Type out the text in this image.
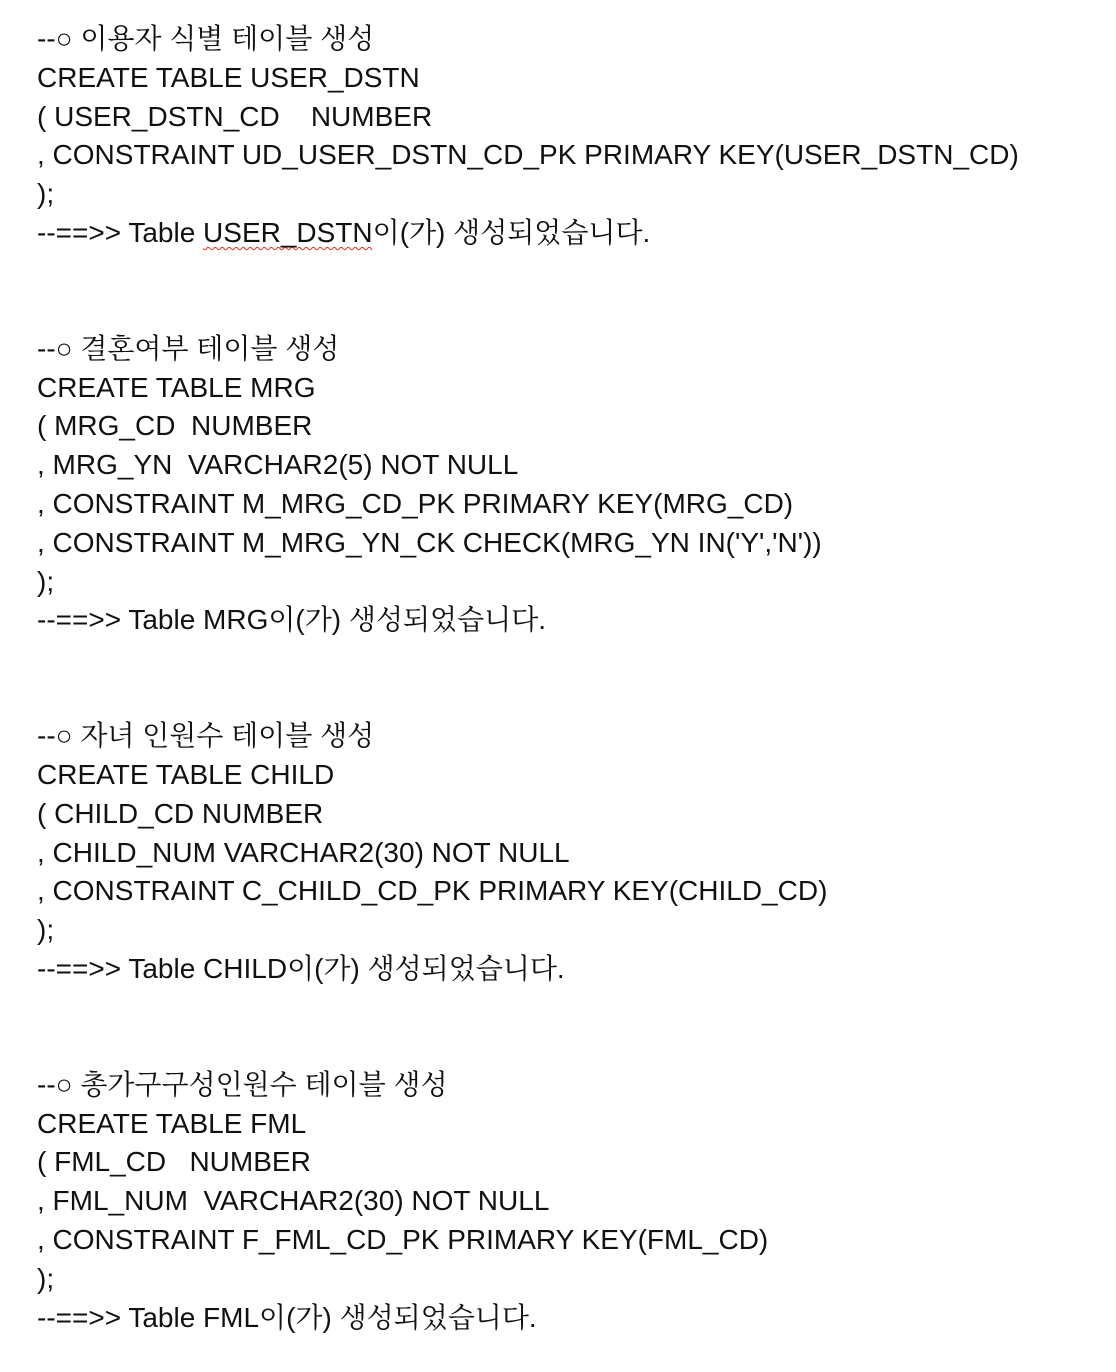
--○ 이용자 식별 테이블 생성
CREATE TABLE USER_DSTN
( USER_DSTN_CD    NUMBER
, CONSTRAINT UD_USER_DSTN_CD_PK PRIMARY KEY(USER_DSTN_CD)
);
--==>> Table USER_DSTN이(가) 생성되었습니다.
--○ 결혼여부 테이블 생성
CREATE TABLE MRG
( MRG_CD  NUMBER
, MRG_YN  VARCHAR2(5) NOT NULL
, CONSTRAINT M_MRG_CD_PK PRIMARY KEY(MRG_CD)
, CONSTRAINT M_MRG_YN_CK CHECK(MRG_YN IN('Y','N'))
);
--==>> Table MRG이(가) 생성되었습니다.
--○ 자녀 인원수 테이블 생성
CREATE TABLE CHILD
( CHILD_CD NUMBER
, CHILD_NUM VARCHAR2(30) NOT NULL
, CONSTRAINT C_CHILD_CD_PK PRIMARY KEY(CHILD_CD)
);
--==>> Table CHILD이(가) 생성되었습니다.
--○ 총가구구성인원수 테이블 생성
CREATE TABLE FML
( FML_CD   NUMBER
, FML_NUM  VARCHAR2(30) NOT NULL
, CONSTRAINT F_FML_CD_PK PRIMARY KEY(FML_CD)
);
--==>> Table FML이(가) 생성되었습니다.
